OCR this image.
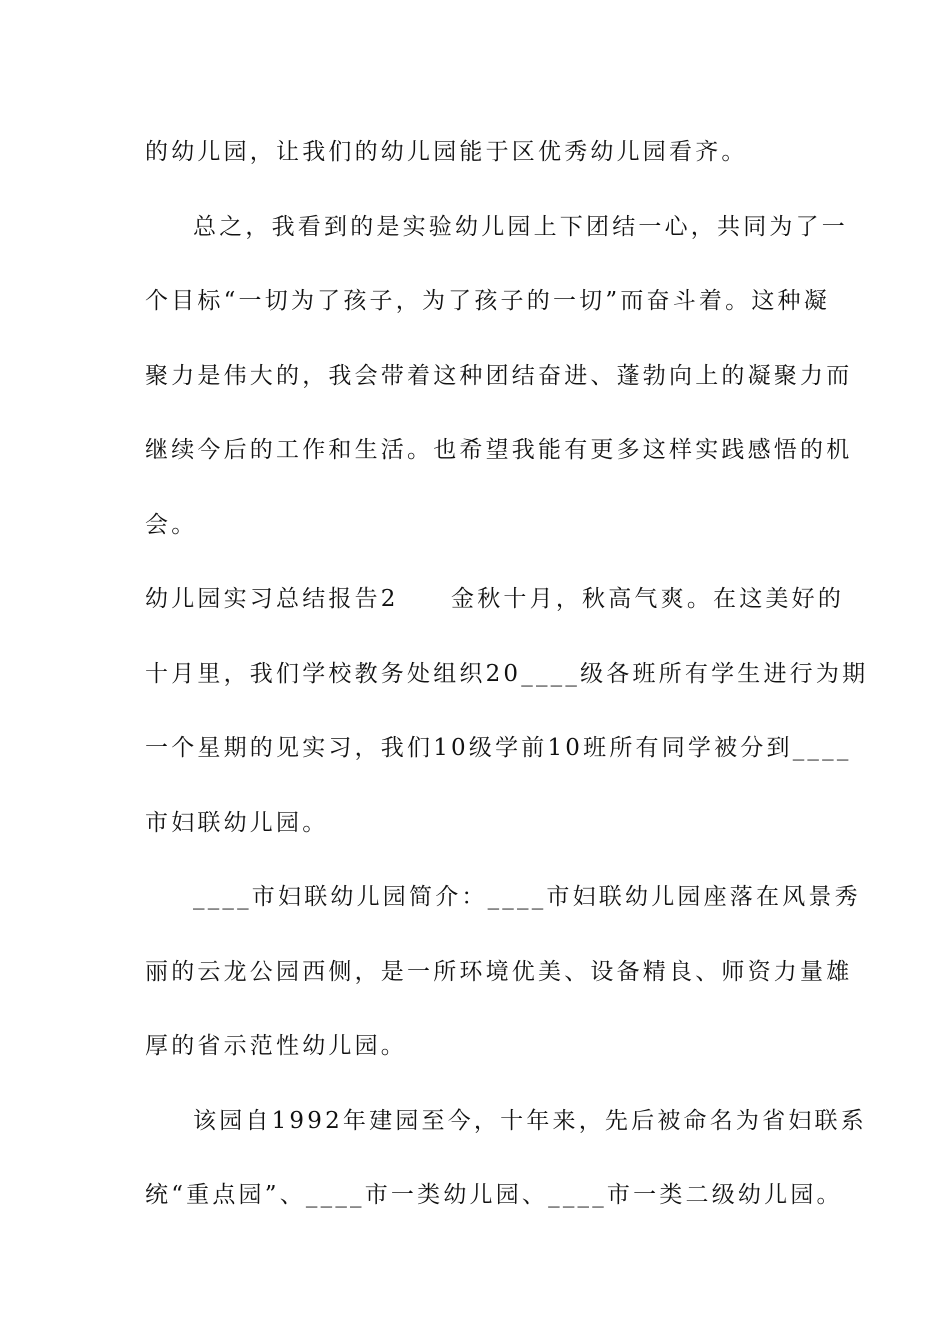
的幼儿园，让我们的幼儿园能于区优秀幼儿园看齐。

总之，我看到的是实验幼儿园上下团结一心，共同为了一

个目标“一切为了孩子，为了孩子的一切”而奋斗着。这种凝

聚力是伟大的，我会带着这种团结奋进、蓬勃向上的凝聚力而

继续今后的工作和生活。也希望我能有更多这样实践感悟的机

会。

幼儿园实习总结报告2　　金秋十月，秋高气爽。在这美好的

十月里，我们学校教务处组织20____级各班所有学生进行为期

一个星期的见实习，我们10级学前10班所有同学被分到____

市妇联幼儿园。

____市妇联幼儿园简介：____市妇联幼儿园座落在风景秀

丽的云龙公园西侧，是一所环境优美、设备精良、师资力量雄

厚的省示范性幼儿园。

该园自1992年建园至今，十年来，先后被命名为省妇联系

统“重点园”、____市一类幼儿园、____市一类二级幼儿园。
